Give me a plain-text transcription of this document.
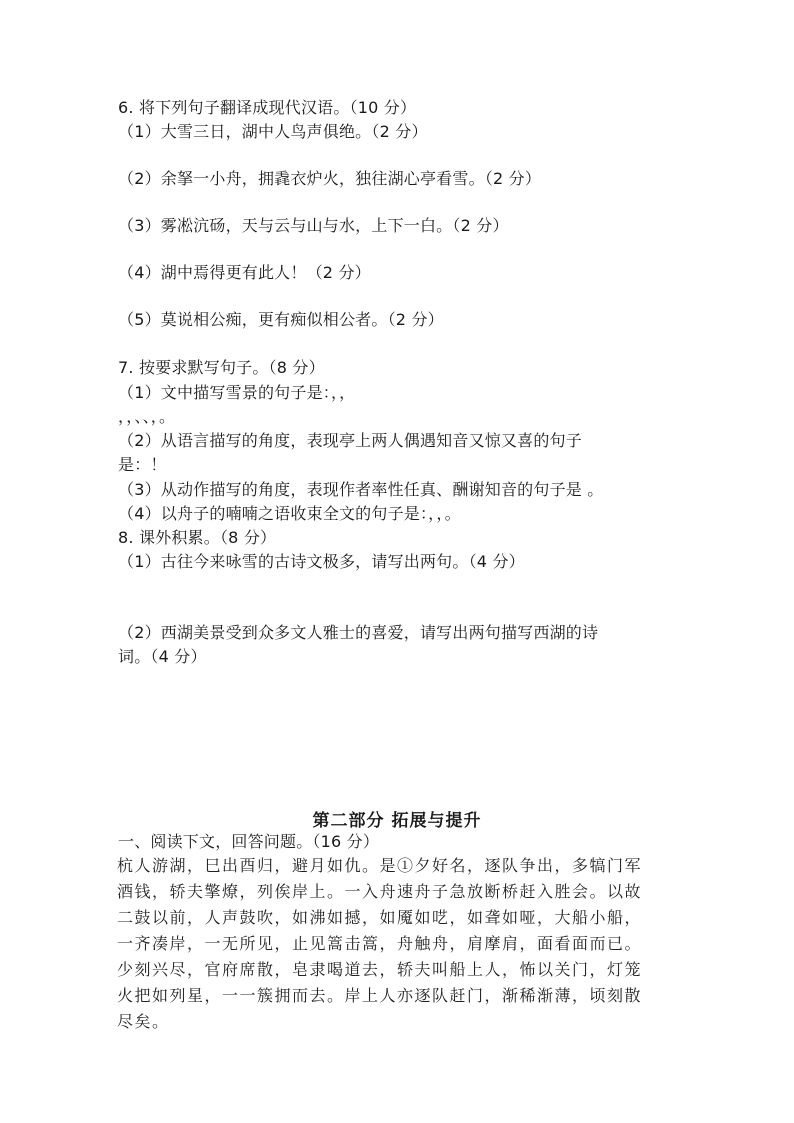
6. 将下列句子翻译成现代汉语。（10 分）
（1）大雪三日，湖中人鸟声俱绝。（2 分）
（2）余拏一小舟，拥毳衣炉火，独往湖心亭看雪。（2 分）
（3）雾凇沆砀，天与云与山与水，上下一白。（2 分）
（4）湖中焉得更有此人！（2 分）
（5）莫说相公痴，更有痴似相公者。（2 分）
7. 按要求默写句子。（8 分）
（1）文中描写雪景的句子是：，，
，，、、，。
（2）从语言描写的角度，表现亭上两人偶遇知音又惊又喜的句子
是：！
（3）从动作描写的角度，表现作者率性任真、酬谢知音的句子是 。
（4）以舟子的喃喃之语收束全文的句子是：，，。
8. 课外积累。（8 分）
（1）古往今来咏雪的古诗文极多，请写出两句。（4 分）
（2）西湖美景受到众多文人雅士的喜爱，请写出两句描写西湖的诗
词。（4 分）
第二部分 拓展与提升
一、阅读下文，回答问题。（16 分）
杭人游湖，巳出酉归，避月如仇。是①夕好名，逐队争出，多犒门军
酒钱，轿夫擎燎，列俟岸上。一入舟速舟子急放断桥赶入胜会。以故
二鼓以前，人声鼓吹，如沸如撼，如魇如呓，如聋如哑，大船小船，
一齐凑岸，一无所见，止见篙击篙，舟触舟，肩摩肩，面看面而已。
少刻兴尽，官府席散，皂隶喝道去，轿夫叫船上人，怖以关门，灯笼
火把如列星，一一簇拥而去。岸上人亦逐队赶门，渐稀渐薄，顷刻散
尽矣。
